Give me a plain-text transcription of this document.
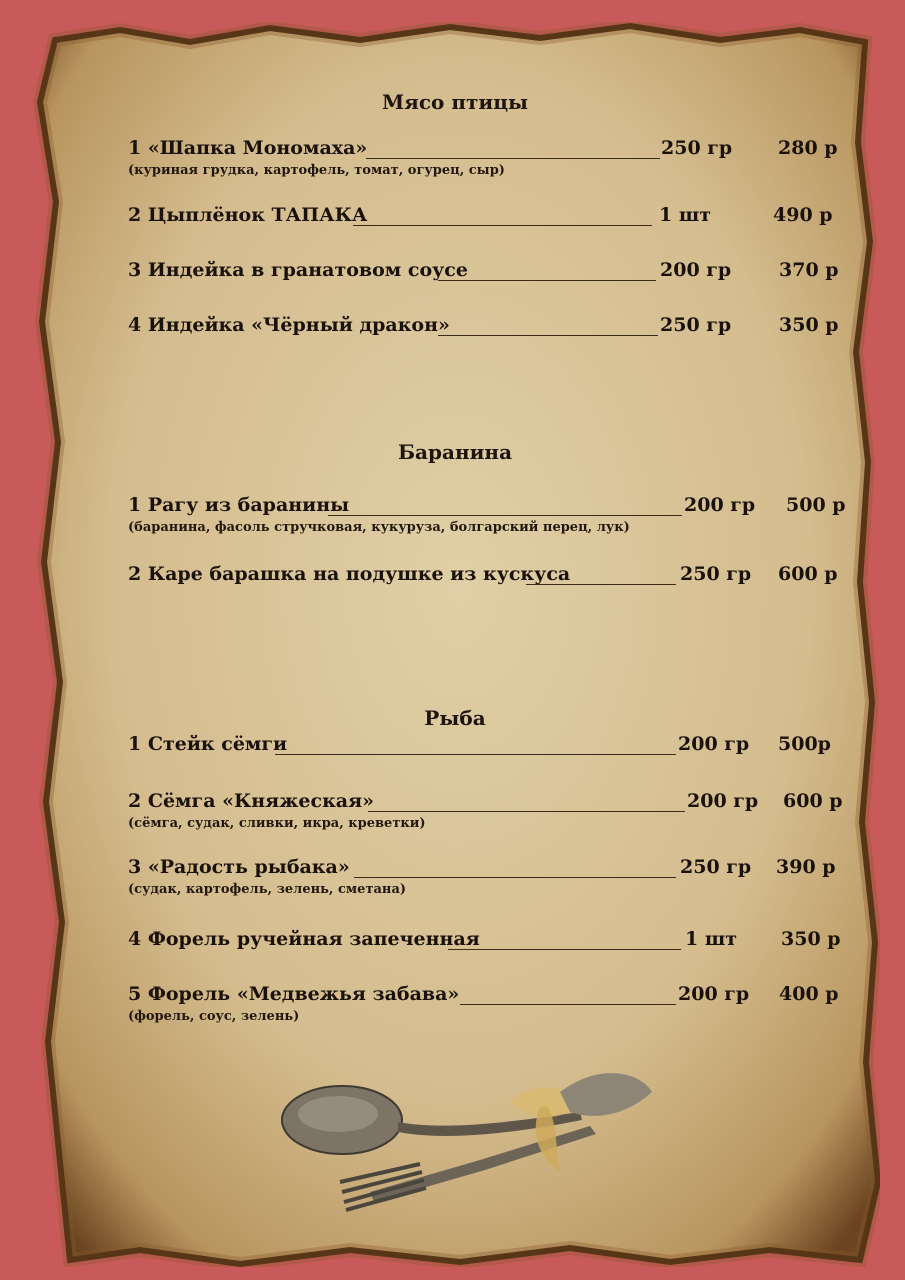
Мясо птицы
1 «Шапка Мономаха»	250 гр 280 р
(куриная грудка, картофель, томат, огурец, сыр)
2 Цыплёнок ТАПАКА	1 шт	490 р
3 Индейка в гранатовом соусе	200 гр	370 р
4 Индейка «Чёрный дракон»	250 гр	350 р
Баранина
1 Рагу из баранины	200 гр 500 р
(баранина, фасоль стручковая, кукуруза, болгарский перец, лук)
2 Каре барашка на подушке из кускуса	250 гр 600 р
Рыба
1 Стейк сёмги	200 гр 500р
2 Сёмга «Княжеская»	200 гр 600 р
(сёмга, судак, сливки, икра, креветки)
3 «Радость рыбака»	250 гр 390 р
(судак, картофель, зелень, сметана)
4 Форель ручейная запеченная	1 шт 350 р
5 Форель «Медвежья забава»	200 гр 400 р
(форель, соус, зелень)
